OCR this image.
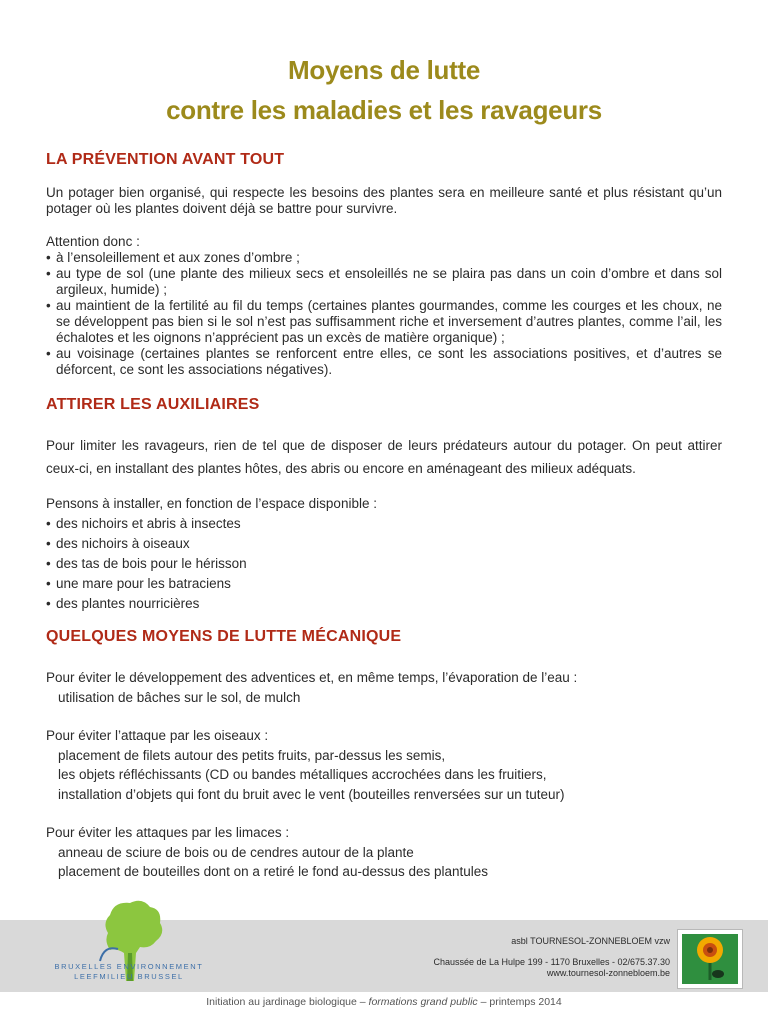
Moyens de lutte
contre les maladies et les ravageurs

LA PRÉVENTION AVANT TOUT

Un potager bien organisé, qui respecte les besoins des plantes sera en meilleure santé et plus résistant qu’un potager où les plantes doivent déjà se battre pour survivre.

Attention donc :

• à l’ensoleillement et aux zones d’ombre ;

• au type de sol (une plante des milieux secs et ensoleillés ne se plaira pas dans un coin d’ombre et dans sol argileux, humide) ;

• au maintient de la fertilité au fil du temps (certaines plantes gourmandes, comme les courges et les choux, ne se développent pas bien si le sol n’est pas suffisamment riche et inversement d’autres plantes, comme l’ail, les échalotes et les oignons n’apprécient pas un excès de matière organique) ;

• au voisinage (certaines plantes se renforcent entre elles, ce sont les associations positives, et d’autres se déforcent, ce sont les associations négatives).

ATTIRER LES AUXILIAIRES

Pour limiter les ravageurs, rien de tel que de disposer de leurs prédateurs autour du potager. On peut attirer ceux-ci, en installant des plantes hôtes, des abris ou encore en aménageant des milieux adéquats.

Pensons à installer, en fonction de l’espace disponible :

• des nichoirs et abris à insectes

• des nichoirs à oiseaux

• des tas de bois pour le hérisson

• une mare pour les batraciens

• des plantes nourricières

QUELQUES MOYENS DE LUTTE MÉCANIQUE

Pour éviter le développement des adventices et, en même temps, l’évaporation de l’eau :

utilisation de bâches sur le sol, de mulch

Pour éviter l’attaque par les oiseaux :

placement de filets autour des petits fruits, par-dessus les semis,

les objets réfléchissants (CD ou bandes métalliques accrochées dans les fruitiers,

installation d’objets qui font du bruit avec le vent (bouteilles renversées sur un tuteur)

Pour éviter les attaques par les limaces :

anneau de sciure de bois ou de cendres autour de la plante

placement de bouteilles dont on a retiré le fond au-dessus des plantules

BRUXELLES ENVIRONNEMENT
LEEFMILIEU BRUSSEL
asbl TOURNESOL-ZONNEBLOEM vzw
Chaussée de La Hulpe 199 - 1170 Bruxelles - 02/675.37.30
www.tournesol-zonnebloem.be
Initiation au jardinage biologique – formations grand public – printemps 2014
